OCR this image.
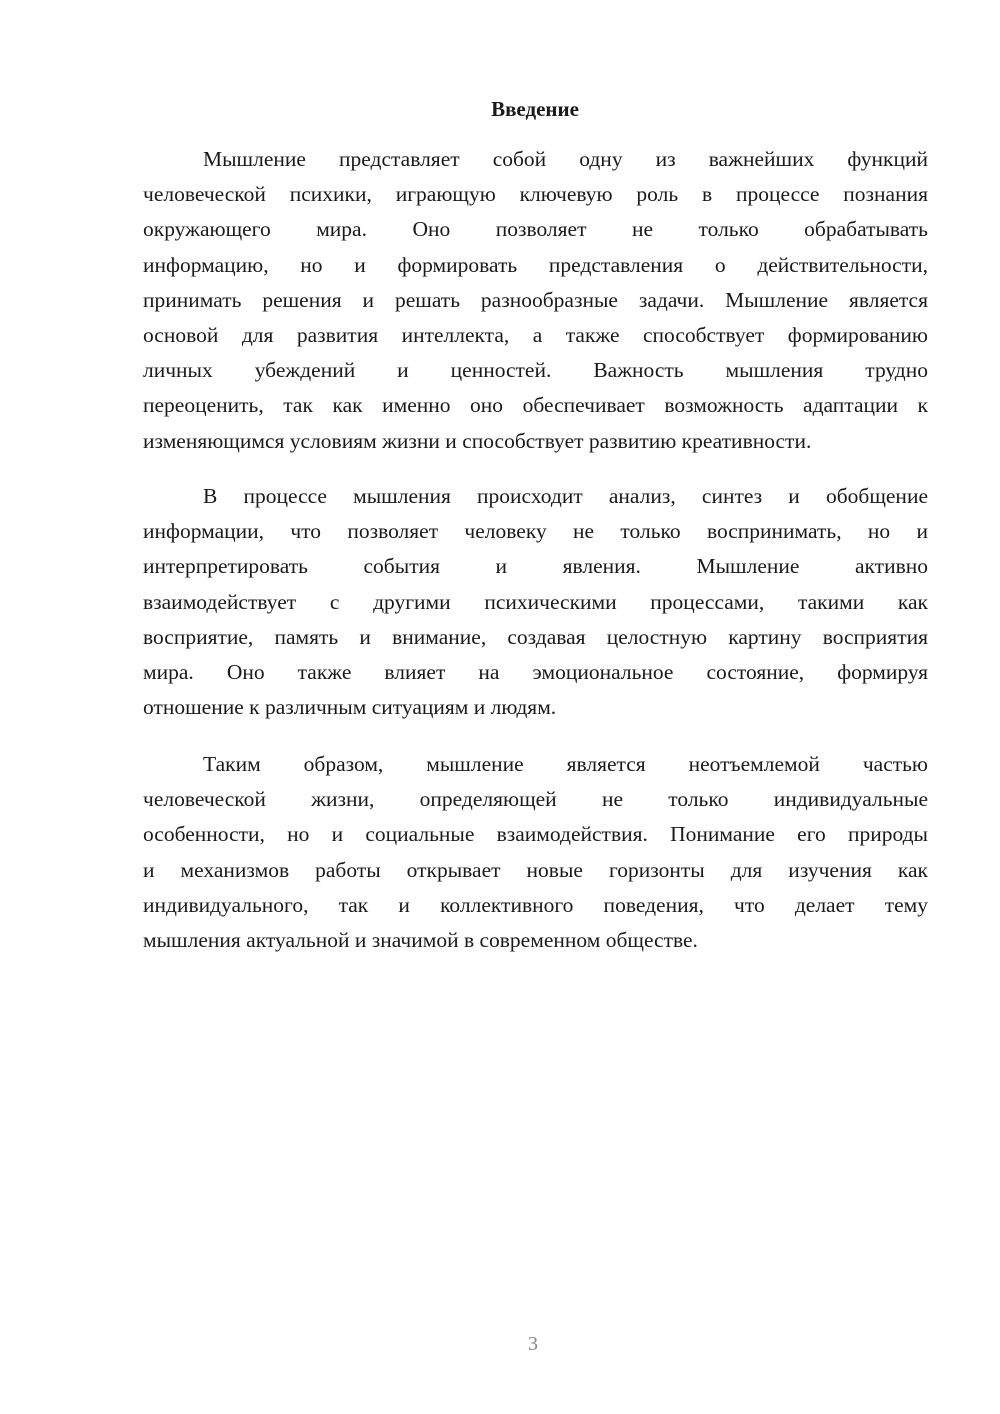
Введение
Мышление представляет собой одну из важнейших функций
человеческой психики, играющую ключевую роль в процессе познания
окружающего мира. Оно позволяет не только обрабатывать
информацию, но и формировать представления о действительности,
принимать решения и решать разнообразные задачи. Мышление является
основой для развития интеллекта, а также способствует формированию
личных убеждений и ценностей. Важность мышления трудно
переоценить, так как именно оно обеспечивает возможность адаптации к
изменяющимся условиям жизни и способствует развитию креативности.
В процессе мышления происходит анализ, синтез и обобщение
информации, что позволяет человеку не только воспринимать, но и
интерпретировать события и явления. Мышление активно
взаимодействует с другими психическими процессами, такими как
восприятие, память и внимание, создавая целостную картину восприятия
мира. Оно также влияет на эмоциональное состояние, формируя
отношение к различным ситуациям и людям.
Таким образом, мышление является неотъемлемой частью
человеческой жизни, определяющей не только индивидуальные
особенности, но и социальные взаимодействия. Понимание его природы
и механизмов работы открывает новые горизонты для изучения как
индивидуального, так и коллективного поведения, что делает тему
мышления актуальной и значимой в современном обществе.
3
